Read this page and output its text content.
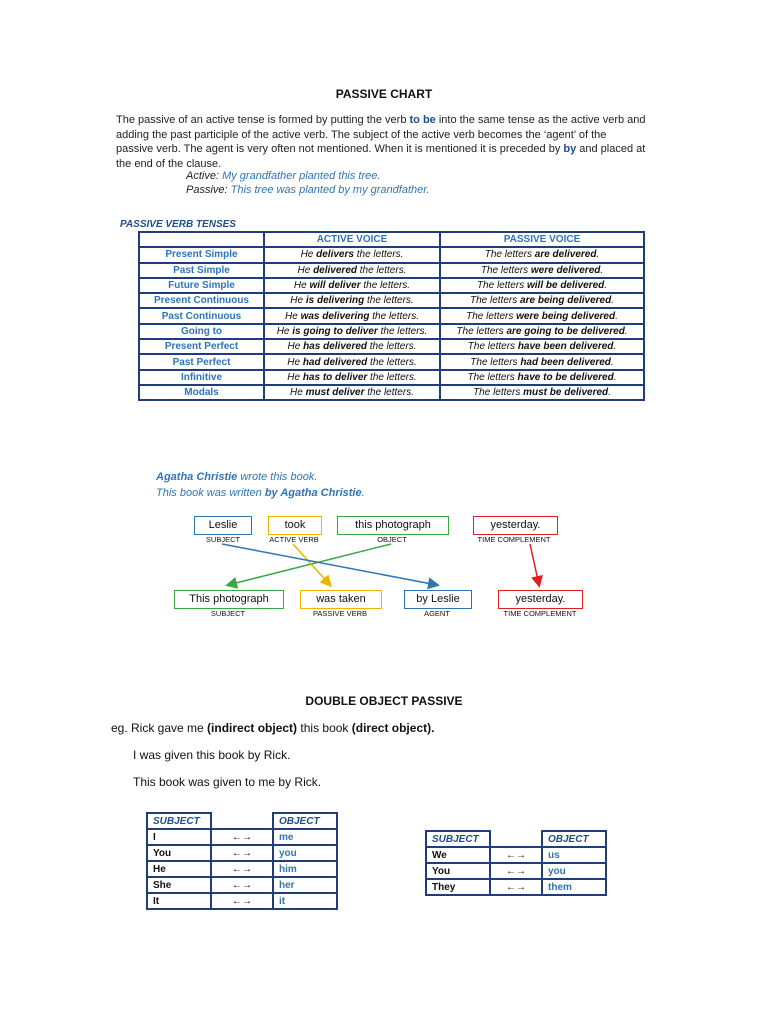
PASSIVE CHART
The passive of an active tense is formed by putting the verb to be into the same tense as the active verb and adding the past participle of the active verb. The subject of the active verb becomes the ‘agent’ of the passive verb. The agent is very often not mentioned. When it is mentioned it is preceded by by and placed at the end of the clause.
Active: My grandfather planted this tree.
Passive: This tree was planted by my grandfather.
PASSIVE VERB TENSES
	ACTIVE VOICE	PASSIVE VOICE
Present Simple	He delivers the letters.	The letters are delivered.
Past Simple	He delivered the letters.	The letters were delivered.
Future Simple	He will deliver the letters.	The letters will be delivered.
Present Continuous	He is delivering the letters.	The letters are being delivered.
Past Continuous	He was delivering the letters.	The letters were being delivered.
Going to	He is going to deliver the letters.	The letters are going to be delivered.
Present Perfect	He has delivered the letters.	The letters have been delivered.
Past Perfect	He had delivered the letters.	The letters had been delivered.
Infinitive	He has to deliver the letters.	The letters have to be delivered.
Modals	He must deliver the letters.	The letters must be delivered.
Agatha Christie wrote this book.
This book was written by Agatha Christie.
Leslie
SUBJECT
took
ACTIVE VERB
this photograph
OBJECT
yesterday.
TIME COMPLEMENT
This photograph
SUBJECT
was taken
PASSIVE VERB
by Leslie
AGENT
yesterday.
TIME COMPLEMENT
DOUBLE OBJECT PASSIVE
eg. Rick gave me (indirect object) this book (direct object).
I was given this book by Rick.
This book was given to me by Rick.
SUBJECT		OBJECT
I	←→	me
You	←→	you
He	←→	him
She	←→	her
It	←→	it
SUBJECT		OBJECT
We	←→	us
You	←→	you
They	←→	them
